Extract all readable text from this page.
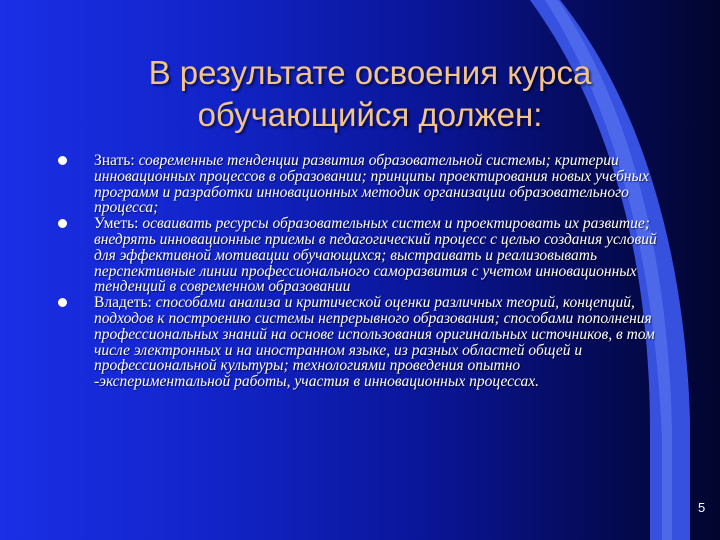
В результате освоения курса
обучающийся должен:
Знать: современные тенденции развития образовательной системы; критерии инновационных процессов в образовании; принципы проектирования новых учебных программ и разработки инновационных методик организации образовательного процесса;
Уметь: осваивать ресурсы образовательных систем и проектировать их развитие; внедрять инновационные приемы в педагогический процесс с целью создания условий для эффективной мотивации обучающихся; выстраивать и реализовывать перспективные линии профессионального саморазвития с учетом инновационных тенденций в современном образовании
Владеть: способами анализа и критической оценки различных теорий, концепций, подходов к построению системы непрерывного образования; способами пополнения профессиональных знаний на основе использования оригинальных источников, в том числе электронных и на иностранном языке, из разных областей общей и профессиональной культуры; технологиями проведения опытно -экспериментальной работы, участия в инновационных процессах.
5
